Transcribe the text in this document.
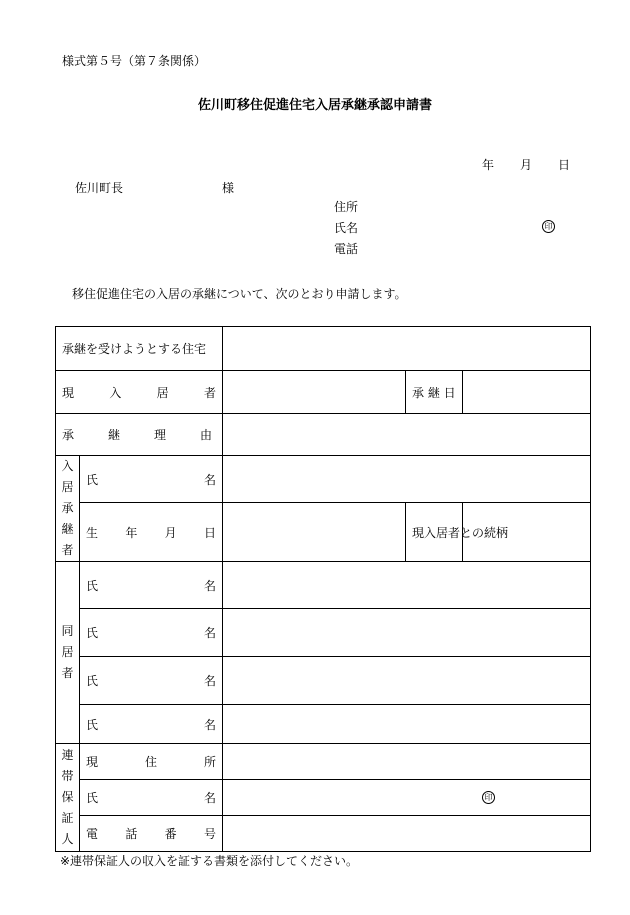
様式第５号（第７条関係）
佐川町移住促進住宅入居承継承認申請書
年 月 日
佐川町長	様
住所
氏名	印
電話
移住促進住宅の入居の承継について、次のとおり申請します。
承継を受けようとする住宅				

現 入 居 者			承 継 日	

承 継 理 由				

入
居
承
継
者	氏 名			

	生 年 月 日		現入居者との続柄	

同
居
者	氏 名			

	氏 名			

	氏 名			

	氏 名			

連
帯
保
証
人	現 住 所			

	氏 名	印		

	電 話 番 号			

※連帯保証人の収入を証する書類を添付してください。
